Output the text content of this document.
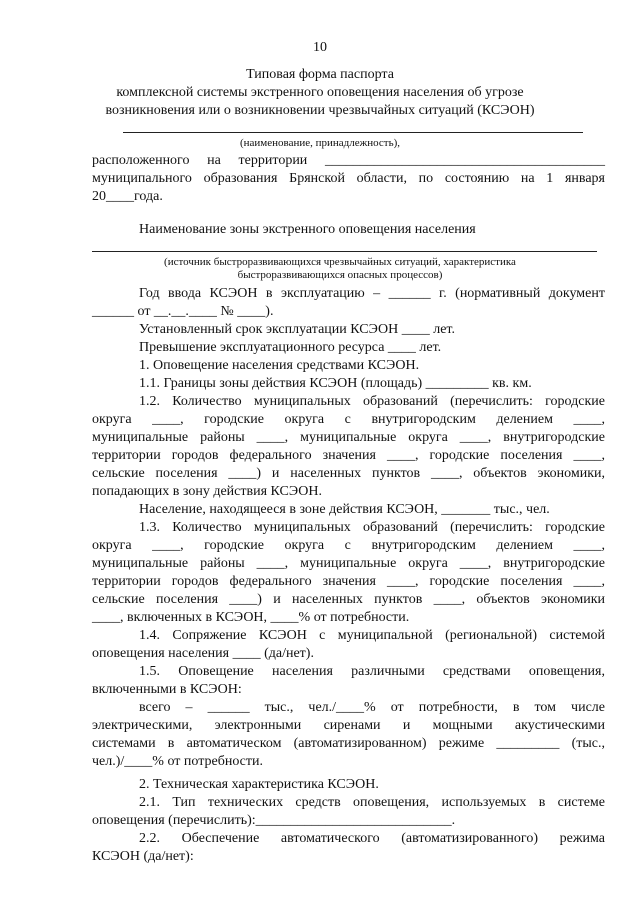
10
Типовая форма паспорта
комплексной системы экстренного оповещения населения об угрозе
возникновения или о возникновении чрезвычайных ситуаций (КСЭОН)
(наименование, принадлежность),
расположенного на территории ________________________________________
муниципального образования Брянской области, по состоянию на 1 января
20____года.
Наименование зоны экстренного оповещения населения
(источник быстроразвивающихся чрезвычайных ситуаций, характеристика
быстроразвивающихся опасных процессов)
Год ввода КСЭОН в эксплуатацию – ______ г. (нормативный документ
______ от __.__.____ № ____).
Установленный срок эксплуатации КСЭОН ____ лет.
Превышение эксплуатационного ресурса ____ лет.
1. Оповещение населения средствами КСЭОН.
1.1. Границы зоны действия КСЭОН (площадь) _________ кв. км.
1.2. Количество муниципальных образований (перечислить: городские
округа ____, городские округа с внутригородским делением ____,
муниципальные районы ____, муниципальные округа ____, внутригородские
территории городов федерального значения ____, городские поселения ____,
сельские поселения ____) и населенных пунктов ____, объектов экономики,
попадающих в зону действия КСЭОН.
Население, находящееся в зоне действия КСЭОН, _______ тыс., чел.
1.3. Количество муниципальных образований (перечислить: городские
округа ____, городские округа с внутригородским делением ____,
муниципальные районы ____, муниципальные округа ____, внутригородские
территории городов федерального значения ____, городские поселения ____,
сельские поселения ____) и населенных пунктов ____, объектов экономики
____, включенных в КСЭОН, ____% от потребности.
1.4. Сопряжение КСЭОН с муниципальной (региональной) системой
оповещения населения ____ (да/нет).
1.5. Оповещение населения различными средствами оповещения,
включенными в КСЭОН:
всего – ______ тыс., чел./____% от потребности, в том числе
электрическими, электронными сиренами и мощными акустическими
системами в автоматическом (автоматизированном) режиме _________ (тыс.,
чел.)/____% от потребности.
2. Техническая характеристика КСЭОН.
2.1. Тип технических средств оповещения, используемых в системе
оповещения (перечислить):____________________________.
2.2. Обеспечение автоматического (автоматизированного) режима
КСЭОН (да/нет):
